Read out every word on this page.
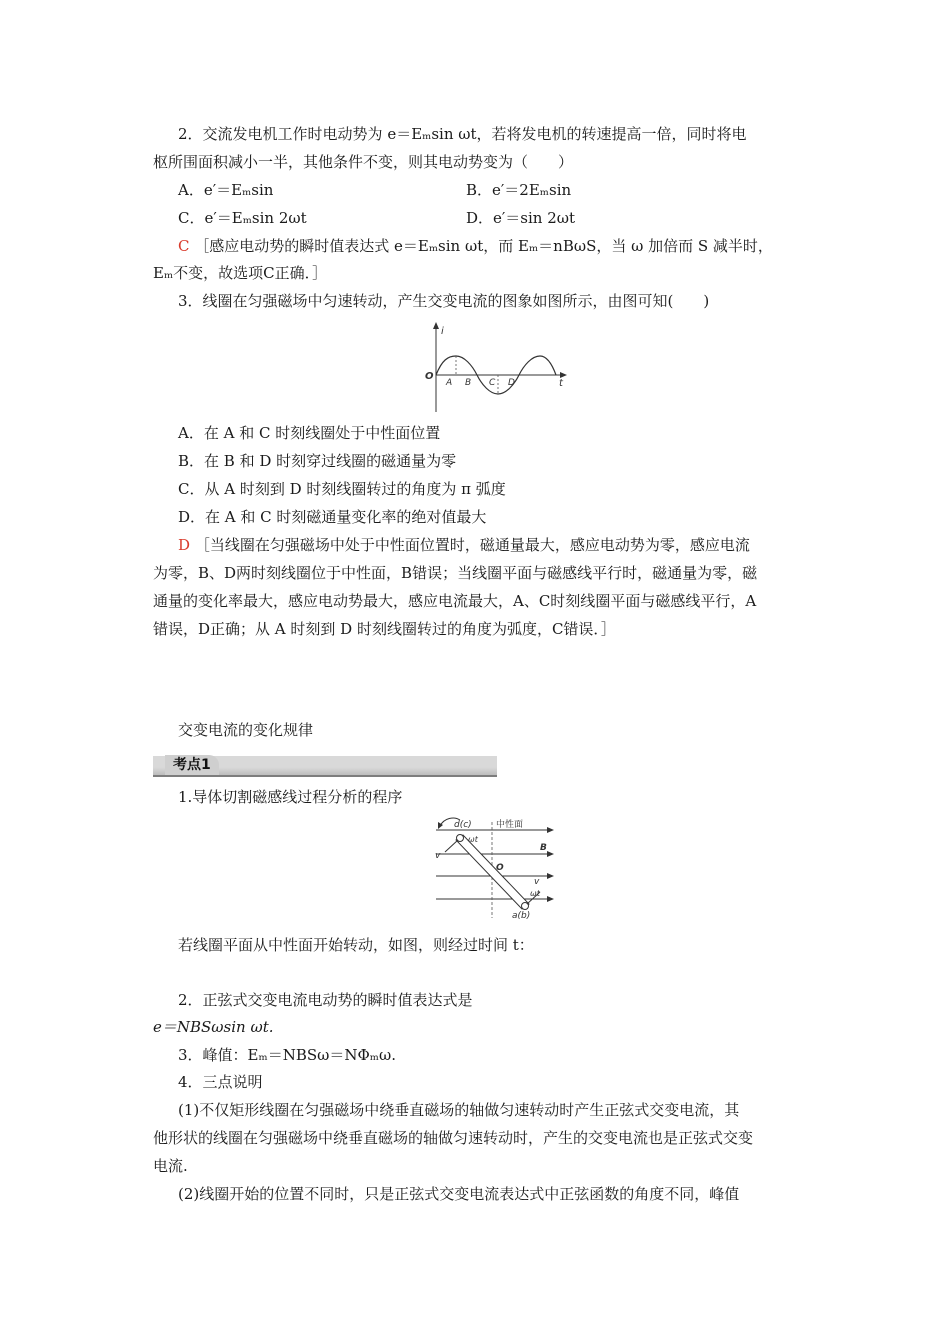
2．交流发电机工作时电动势为 e＝Eₘsin ωt，若将发电机的转速提高一倍，同时将电
枢所围面积减小一半，其他条件不变，则其电动势变为（　　）
A．e′＝Eₘsin	B．e′＝2Eₘsin
C．e′＝Eₘsin 2ωt	D．e′＝sin 2ωt
C ［感应电动势的瞬时值表达式 e＝Eₘsin ωt，而 Eₘ＝nBωS，当 ω 加倍而 S 减半时，
Eₘ不变，故选项C正确．］
3．线圈在匀强磁场中匀速转动，产生交变电流的图象如图所示，由图可知(　　)
i
O
t
A B C D
A．在 A 和 C 时刻线圈处于中性面位置
B．在 B 和 D 时刻穿过线圈的磁通量为零
C．从 A 时刻到 D 时刻线圈转过的角度为 π 弧度
D．在 A 和 C 时刻磁通量变化率的绝对值最大
D ［当线圈在匀强磁场中处于中性面位置时，磁通量最大，感应电动势为零，感应电流
为零，B、D两时刻线圈位于中性面，B错误；当线圈平面与磁感线平行时，磁通量为零，磁
通量的变化率最大，感应电动势最大，感应电流最大，A、C时刻线圈平面与磁感线平行，A
错误，D正确；从 A 时刻到 D 时刻线圈转过的角度为弧度，C错误．］
交变电流的变化规律
考点1
1.导体切割磁感线过程分析的程序
d(c)	中性面
ωt
v
B
O
v
ωt
a(b)
若线圈平面从中性面开始转动，如图，则经过时间 t：
2．正弦式交变电流电动势的瞬时值表达式是
e＝NBSωsin ωt.
3．峰值：Eₘ＝NBSω＝NΦₘω.
4．三点说明
(1)不仅矩形线圈在匀强磁场中绕垂直磁场的轴做匀速转动时产生正弦式交变电流，其
他形状的线圈在匀强磁场中绕垂直磁场的轴做匀速转动时，产生的交变电流也是正弦式交变
电流.
(2)线圈开始的位置不同时，只是正弦式交变电流表达式中正弦函数的角度不同，峰值
